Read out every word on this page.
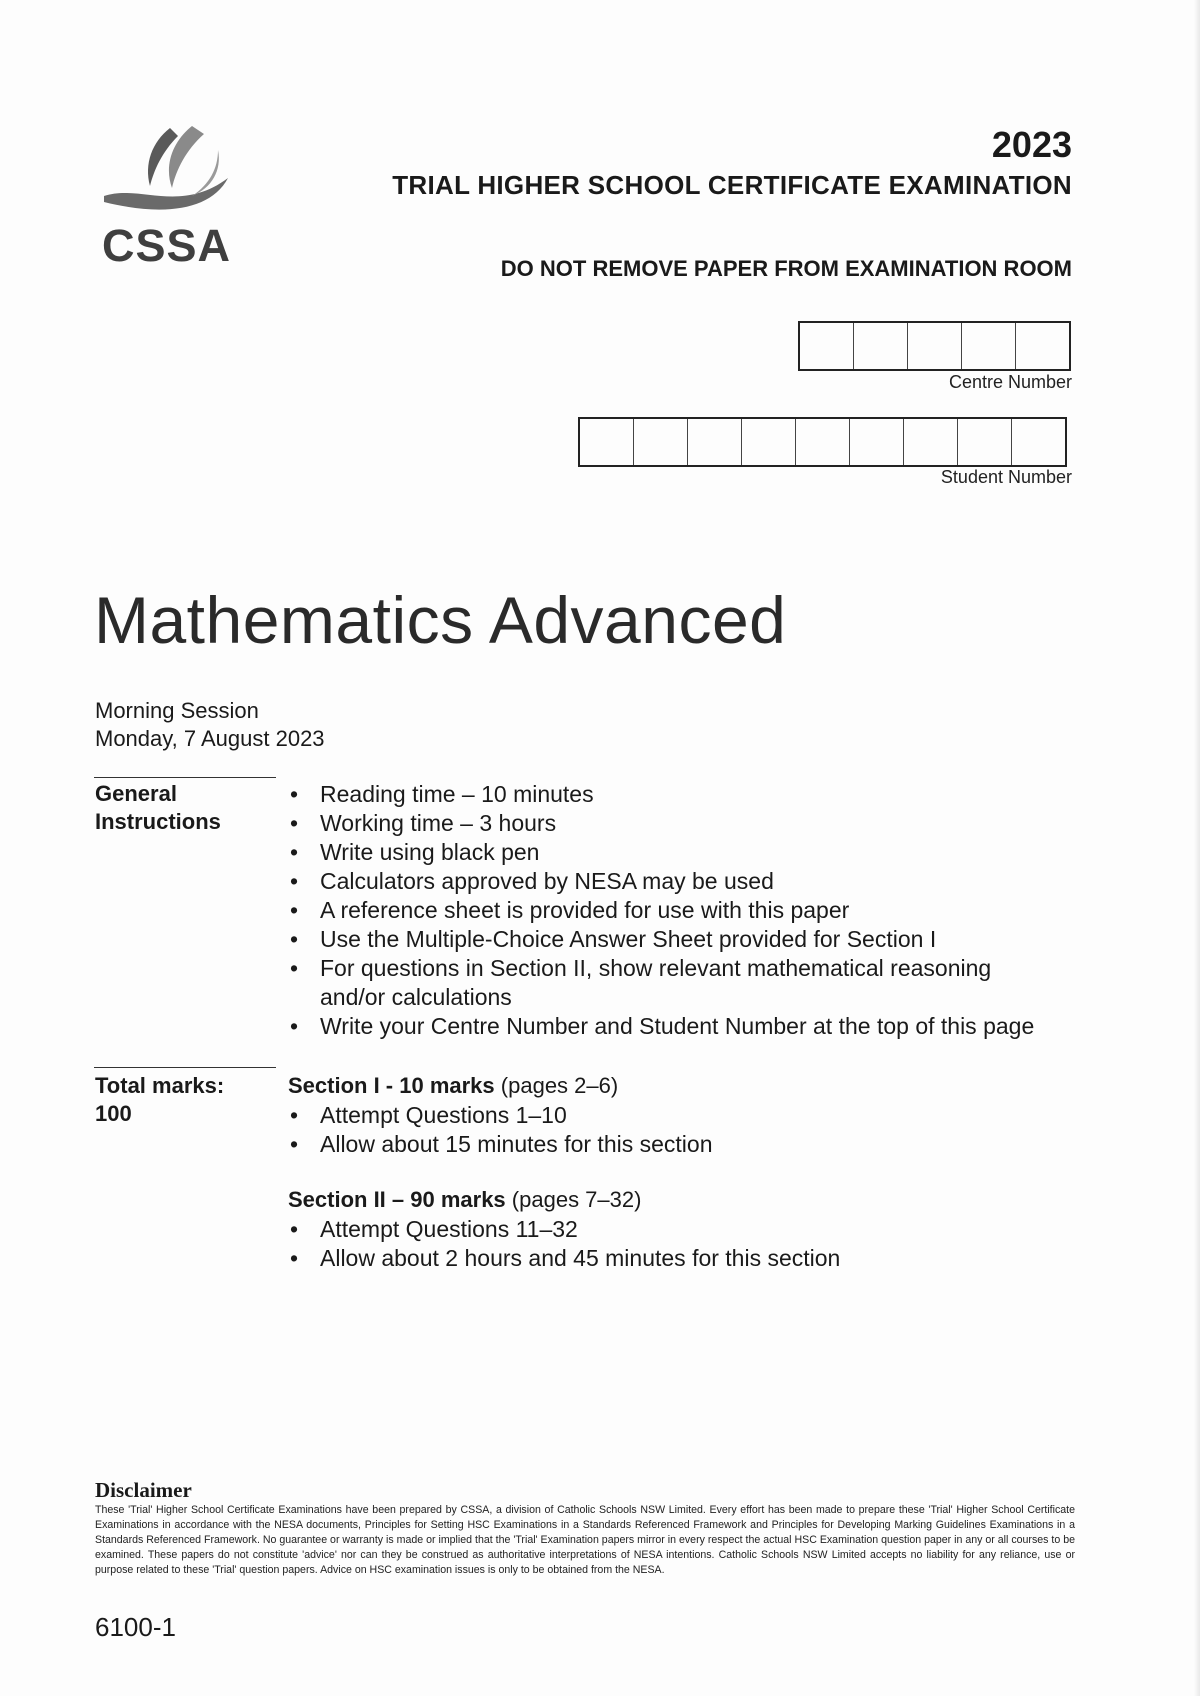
CSSA
2023
TRIAL HIGHER SCHOOL CERTIFICATE EXAMINATION
DO NOT REMOVE PAPER FROM EXAMINATION ROOM
Centre Number
Student Number
Mathematics Advanced
Morning Session
Monday, 7 August 2023
General
Instructions
• Reading time – 10 minutes
• Working time – 3 hours
• Write using black pen
• Calculators approved by NESA may be used
• A reference sheet is provided for use with this paper
• Use the Multiple-Choice Answer Sheet provided for Section I
• For questions in Section II, show relevant mathematical reasoning and/or calculations
• Write your Centre Number and Student Number at the top of this page
Total marks:
100
Section I - 10 marks (pages 2–6)
• Attempt Questions 1–10
• Allow about 15 minutes for this section
Section II – 90 marks (pages 7–32)
• Attempt Questions 11–32
• Allow about 2 hours and 45 minutes for this section
Disclaimer
These 'Trial' Higher School Certificate Examinations have been prepared by CSSA, a division of Catholic Schools NSW Limited. Every effort has been made to prepare these 'Trial' Higher School Certificate Examinations in accordance with the NESA documents, Principles for Setting HSC Examinations in a Standards Referenced Framework and Principles for Developing Marking Guidelines Examinations in a Standards Referenced Framework. No guarantee or warranty is made or implied that the 'Trial' Examination papers mirror in every respect the actual HSC Examination question paper in any or all courses to be examined. These papers do not constitute 'advice' nor can they be construed as authoritative interpretations of NESA intentions. Catholic Schools NSW Limited accepts no liability for any reliance, use or purpose related to these 'Trial' question papers. Advice on HSC examination issues is only to be obtained from the NESA.
6100-1
